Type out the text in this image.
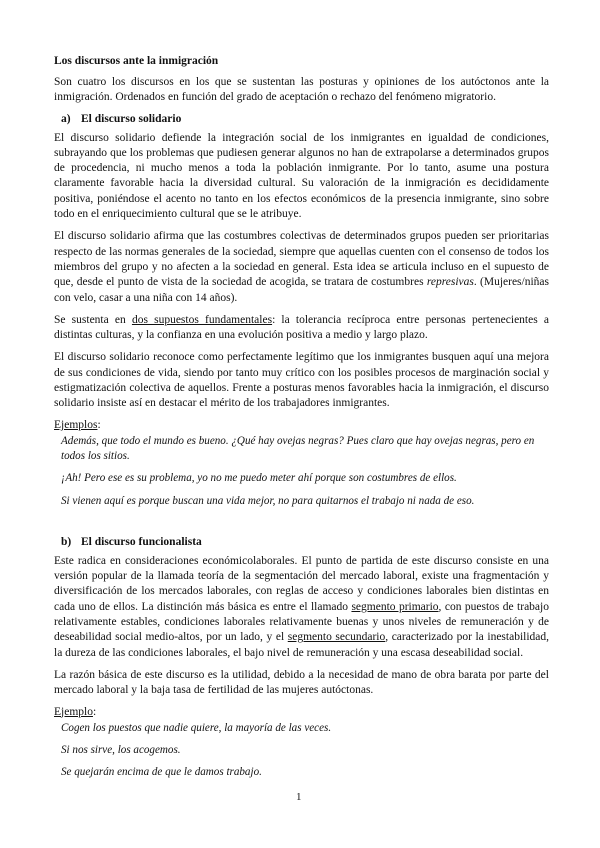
Los discursos ante la inmigración

Son cuatro los discursos en los que se sustentan las posturas y opiniones de los autóctonos ante la inmigración. Ordenados en función del grado de aceptación o rechazo del fenómeno migratorio.

a) El discurso solidario

El discurso solidario defiende la integración social de los inmigrantes en igualdad de condiciones, subrayando que los problemas que pudiesen generar algunos no han de extrapolarse a determinados grupos de procedencia, ni mucho menos a toda la población inmigrante. Por lo tanto, asume una postura claramente favorable hacia la diversidad cultural. Su valoración de la inmigración es decididamente positiva, poniéndose el acento no tanto en los efectos económicos de la presencia inmigrante, sino sobre todo en el enriquecimiento cultural que se le atribuye.

El discurso solidario afirma que las costumbres colectivas de determinados grupos pueden ser prioritarias respecto de las normas generales de la sociedad, siempre que aquellas cuenten con el consenso de todos los miembros del grupo y no afecten a la sociedad en general. Esta idea se articula incluso en el supuesto de que, desde el punto de vista de la sociedad de acogida, se tratara de costumbres represivas. (Mujeres/niñas con velo, casar a una niña con 14 años).

Se sustenta en dos supuestos fundamentales: la tolerancia recíproca entre personas pertenecientes a distintas culturas, y la confianza en una evolución positiva a medio y largo plazo.

El discurso solidario reconoce como perfectamente legítimo que los inmigrantes busquen aquí una mejora de sus condiciones de vida, siendo por tanto muy crítico con los posibles procesos de marginación social y estigmatización colectiva de aquellos. Frente a posturas menos favorables hacia la inmigración, el discurso solidario insiste así en destacar el mérito de los trabajadores inmigrantes.

Ejemplos:
Además, que todo el mundo es bueno. ¿Qué hay ovejas negras? Pues claro que hay ovejas negras, pero en todos los sitios.
¡Ah! Pero ese es su problema, yo no me puedo meter ahí porque son costumbres de ellos.
Si vienen aquí es porque buscan una vida mejor, no para quitarnos el trabajo ni nada de eso.
b) El discurso funcionalista

Este radica en consideraciones económicolaborales. El punto de partida de este discurso consiste en una versión popular de la llamada teoría de la segmentación del mercado laboral, existe una fragmentación y diversificación de los mercados laborales, con reglas de acceso y condiciones laborales bien distintas en cada uno de ellos. La distinción más básica es entre el llamado segmento primario, con puestos de trabajo relativamente estables, condiciones laborales relativamente buenas y unos niveles de remuneración y de deseabilidad social medio-altos, por un lado, y el segmento secundario, caracterizado por la inestabilidad, la dureza de las condiciones laborales, el bajo nivel de remuneración y una escasa deseabilidad social.

La razón básica de este discurso es la utilidad, debido a la necesidad de mano de obra barata por parte del mercado laboral y la baja tasa de fertilidad de las mujeres autóctonas.

Ejemplo:
Cogen los puestos que nadie quiere, la mayoría de las veces.
Si nos sirve, los acogemos.
Se quejarán encima de que le damos trabajo.
1
